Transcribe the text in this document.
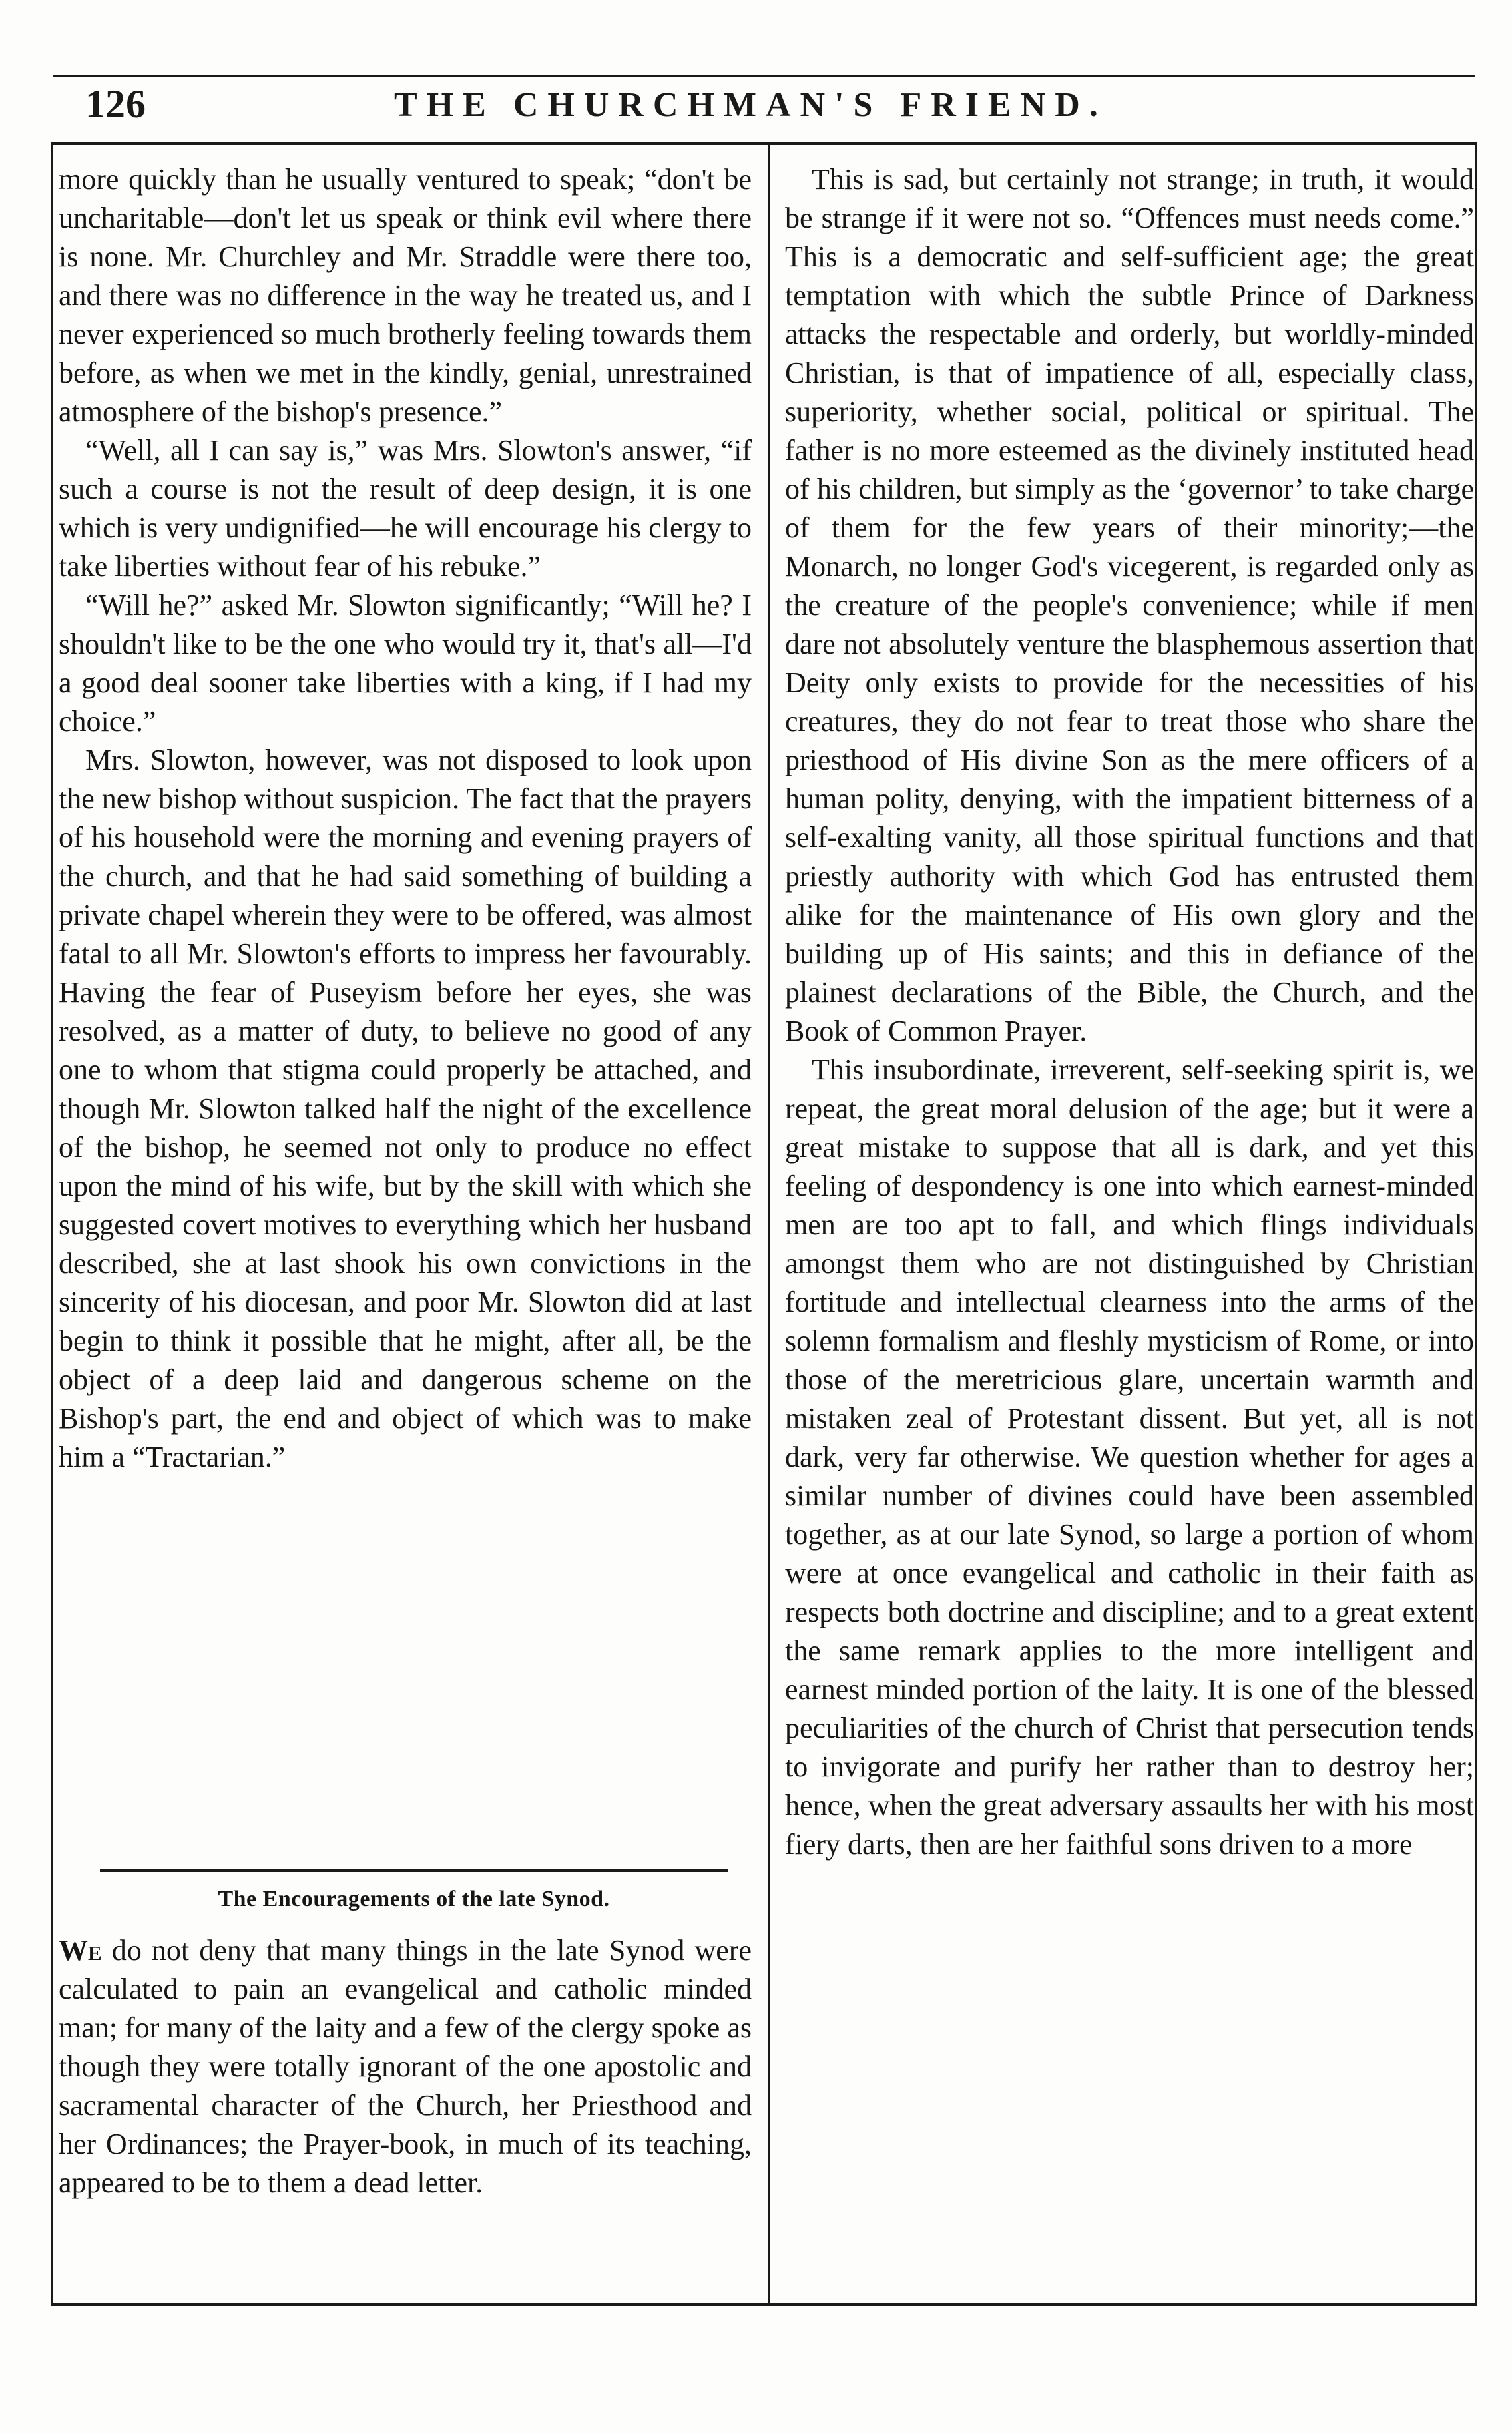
126	THE CHURCHMAN'S FRIEND.

more quickly than he usually ventured to speak; “don't be uncharitable—don't let us speak or think evil where there is none. Mr. Churchley and Mr. Straddle were there too, and there was no difference in the way he treated us, and I never experienced so much brotherly feeling towards them before, as when we met in the kindly, genial, unrestrained atmosphere of the bishop's presence.”

“Well, all I can say is,” was Mrs. Slowton's answer, “if such a course is not the result of deep design, it is one which is very undignified—he will encourage his clergy to take liberties without fear of his rebuke.”

“Will he?” asked Mr. Slowton significantly; “Will he? I shouldn't like to be the one who would try it, that's all—I'd a good deal sooner take liberties with a king, if I had my choice.”

Mrs. Slowton, however, was not disposed to look upon the new bishop without suspicion. The fact that the prayers of his household were the morning and evening prayers of the church, and that he had said something of building a private chapel wherein they were to be offered, was almost fatal to all Mr. Slowton's efforts to impress her favourably. Having the fear of Puseyism before her eyes, she was resolved, as a matter of duty, to believe no good of any one to whom that stigma could properly be attached, and though Mr. Slowton talked half the night of the excellence of the bishop, he seemed not only to produce no effect upon the mind of his wife, but by the skill with which she suggested covert motives to everything which her husband described, she at last shook his own convictions in the sincerity of his diocesan, and poor Mr. Slowton did at last begin to think it possible that he might, after all, be the object of a deep laid and dangerous scheme on the Bishop's part, the end and object of which was to make him a “Tractarian.”

The Encouragements of the late Synod.

We do not deny that many things in the late Synod were calculated to pain an evangelical and catholic minded man; for many of the laity and a few of the clergy spoke as though they were totally ignorant of the one apostolic and sacramental character of the Church, her Priesthood and her Ordinances; the Prayer-book, in much of its teaching, appeared to be to them a dead letter.

This is sad, but certainly not strange; in truth, it would be strange if it were not so. “Offences must needs come.” This is a democratic and self-sufficient age; the great temptation with which the subtle Prince of Darkness attacks the respectable and orderly, but worldly-minded Christian, is that of impatience of all, especially class, superiority, whether social, political or spiritual. The father is no more esteemed as the divinely instituted head of his children, but simply as the ‘governor’ to take charge of them for the few years of their minority;—the Monarch, no longer God's vicegerent, is regarded only as the creature of the people's convenience; while if men dare not absolutely venture the blasphemous assertion that Deity only exists to provide for the necessities of his creatures, they do not fear to treat those who share the priesthood of His divine Son as the mere officers of a human polity, denying, with the impatient bitterness of a self-exalting vanity, all those spiritual functions and that priestly authority with which God has entrusted them alike for the maintenance of His own glory and the building up of His saints; and this in defiance of the plainest declarations of the Bible, the Church, and the Book of Common Prayer.

This insubordinate, irreverent, self-seeking spirit is, we repeat, the great moral delusion of the age; but it were a great mistake to suppose that all is dark, and yet this feeling of despondency is one into which earnest-minded men are too apt to fall, and which flings individuals amongst them who are not distinguished by Christian fortitude and intellectual clearness into the arms of the solemn formalism and fleshly mysticism of Rome, or into those of the meretricious glare, uncertain warmth and mistaken zeal of Protestant dissent. But yet, all is not dark, very far otherwise. We question whether for ages a similar number of divines could have been assembled together, as at our late Synod, so large a portion of whom were at once evangelical and catholic in their faith as respects both doctrine and discipline; and to a great extent the same remark applies to the more intelligent and earnest minded portion of the laity. It is one of the blessed peculiarities of the church of Christ that persecution tends to invigorate and purify her rather than to destroy her; hence, when the great adversary assaults her with his most fiery darts, then are her faithful sons driven to a more
